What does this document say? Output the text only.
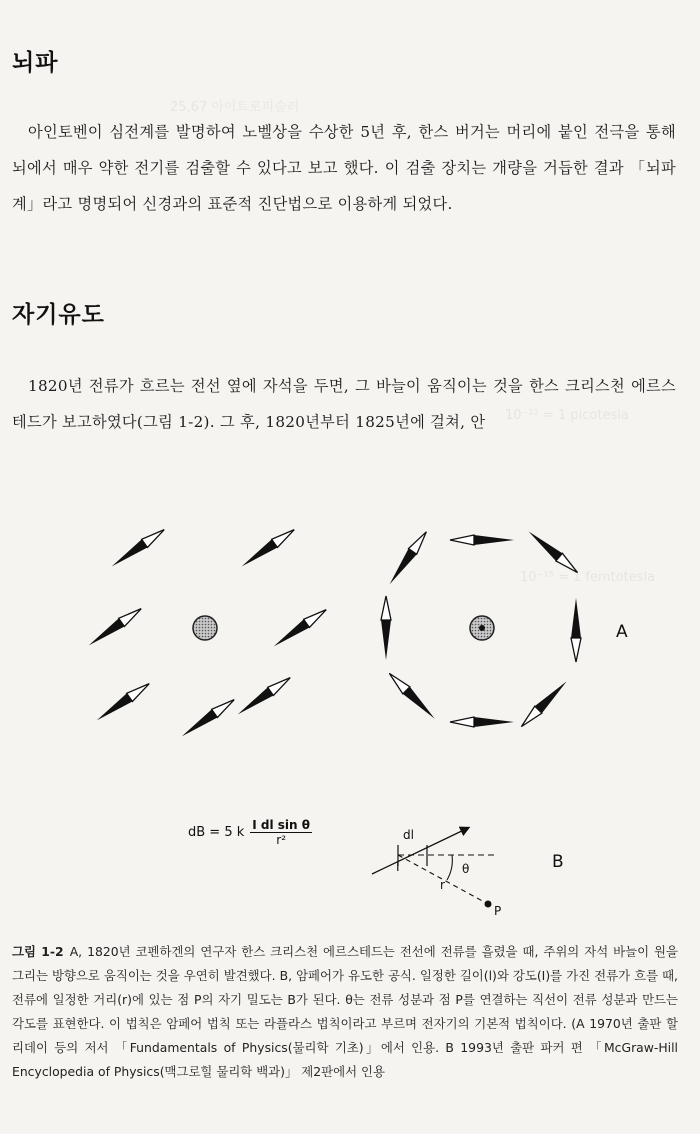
25,67 아이트로피슬러
10⁻¹⁵ = 1 femtotesla
10⁻¹² = 1 picotesla
뇌파

아인토벤이 심전계를 발명하여 노벨상을 수상한 5년 후, 한스 버거는 머리에 붙인 전극을 통해 뇌에서 매우 약한 전기를 검출할 수 있다고 보고 했다. 이 검출 장치는 개량을 거듭한 결과 「뇌파계」라고 명명되어 신경과의 표준적 진단법으로 이용하게 되었다.

자기유도

1820년 전류가 흐르는 전선 옆에 자석을 두면, 그 바늘이 움직이는 것을 한스 크리스천 에르스테드가 보고하였다(그림 1-2). 그 후, 1820년부터 1825년에 걸쳐, 안

A
B
dB = 5 k $\frac{\text{I dl sin θ}}{\text{r²}}$	dl
I
r
θ
P
그림 1-2 A, 1820년 코펜하겐의 연구자 한스 크리스천 에르스테드는 전선에 전류를 흘렸을 때, 주위의 자석 바늘이 원을 그리는 방향으로 움직이는 것을 우연히 발견했다. B, 암페어가 유도한 공식. 일정한 길이(l)와 강도(I)를 가진 전류가 흐를 때, 전류에 일정한 거리(r)에 있는 점 P의 자기 밀도는 B가 된다. θ는 전류 성분과 점 P를 연결하는 직선이 전류 성분과 만드는 각도를 표현한다. 이 법칙은 암페어 법칙 또는 라플라스 법칙이라고 부르며 전자기의 기본적 법칙이다. (A 1970년 출판 할리데이 등의 저서 「Fundamentals of Physics(물리학 기초)」에서 인용. B 1993년 출판 파커 편 「McGraw-Hill Encyclopedia of Physics(맥그로힐 물리학 백과)」 제2판에서 인용
